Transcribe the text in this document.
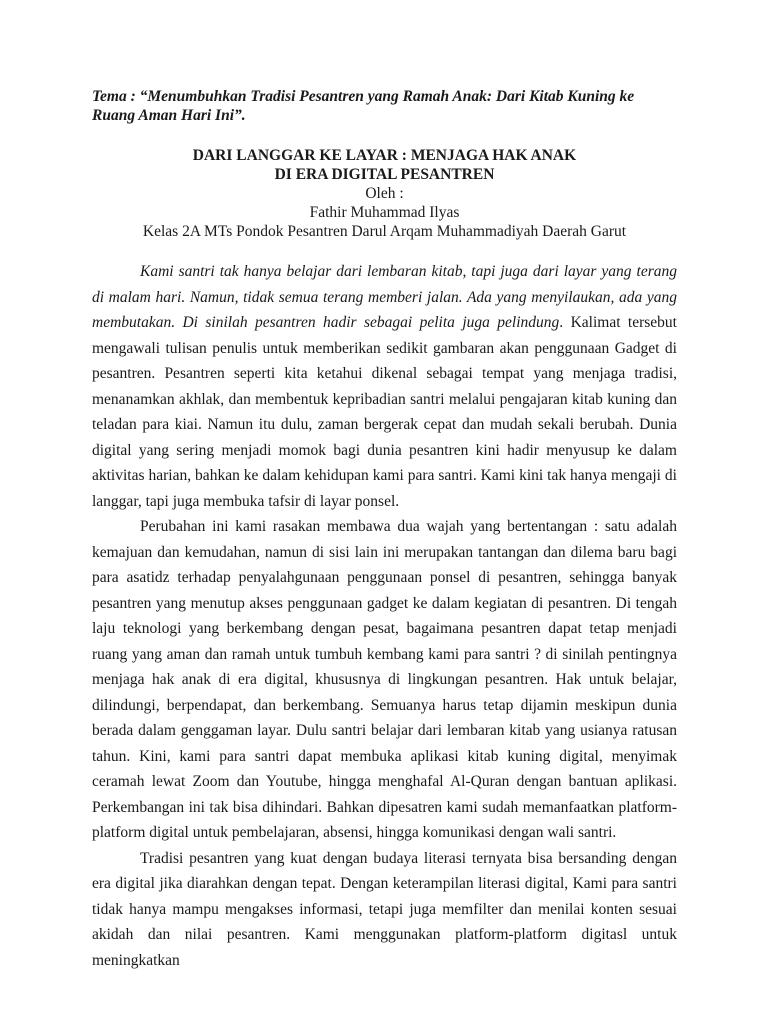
Tema : “Menumbuhkan Tradisi Pesantren yang Ramah Anak: Dari Kitab Kuning ke Ruang Aman Hari Ini”.

DARI LANGGAR KE LAYAR : MENJAGA HAK ANAK

DI ERA DIGITAL PESANTREN

Oleh :

Fathir Muhammad Ilyas

Kelas 2A MTs Pondok Pesantren Darul Arqam Muhammadiyah Daerah Garut

Kami santri tak hanya belajar dari lembaran kitab, tapi juga dari layar yang terang di malam hari. Namun, tidak semua terang memberi jalan. Ada yang menyilaukan, ada yang membutakan. Di sinilah pesantren hadir sebagai pelita juga pelindung. Kalimat tersebut mengawali tulisan penulis untuk memberikan sedikit gambaran akan penggunaan Gadget di pesantren. Pesantren seperti kita ketahui dikenal sebagai tempat yang menjaga tradisi, menanamkan akhlak, dan membentuk kepribadian santri melalui pengajaran kitab kuning dan teladan para kiai. Namun itu dulu, zaman bergerak cepat dan mudah sekali berubah. Dunia digital yang sering menjadi momok bagi dunia pesantren kini hadir menyusup ke dalam aktivitas harian, bahkan ke dalam kehidupan kami para santri. Kami kini tak hanya mengaji di langgar, tapi juga membuka tafsir di layar ponsel.

Perubahan ini kami rasakan membawa dua wajah yang bertentangan : satu adalah kemajuan dan kemudahan, namun di sisi lain ini merupakan tantangan dan dilema baru bagi para asatidz terhadap penyalahgunaan penggunaan ponsel di pesantren, sehingga banyak pesantren yang menutup akses penggunaan gadget ke dalam kegiatan di pesantren. Di tengah laju teknologi yang berkembang dengan pesat, bagaimana pesantren dapat tetap menjadi ruang yang aman dan ramah untuk tumbuh kembang kami para santri ? di sinilah pentingnya menjaga hak anak di era digital, khususnya di lingkungan pesantren. Hak untuk belajar, dilindungi, berpendapat, dan berkembang. Semuanya harus tetap dijamin meskipun dunia berada dalam genggaman layar. Dulu santri belajar dari lembaran kitab yang usianya ratusan tahun. Kini, kami para santri dapat membuka aplikasi kitab kuning digital, menyimak ceramah lewat Zoom dan Youtube, hingga menghafal Al-Quran dengan bantuan aplikasi. Perkembangan ini tak bisa dihindari. Bahkan dipesatren kami sudah memanfaatkan platform-platform digital untuk pembelajaran, absensi, hingga komunikasi dengan wali santri.

Tradisi pesantren yang kuat dengan budaya literasi ternyata bisa bersanding dengan era digital jika diarahkan dengan tepat. Dengan keterampilan literasi digital, Kami para santri tidak hanya mampu mengakses informasi, tetapi juga memfilter dan menilai konten sesuai akidah dan nilai pesantren. Kami menggunakan platform-platform digitasl untuk meningkatkan
